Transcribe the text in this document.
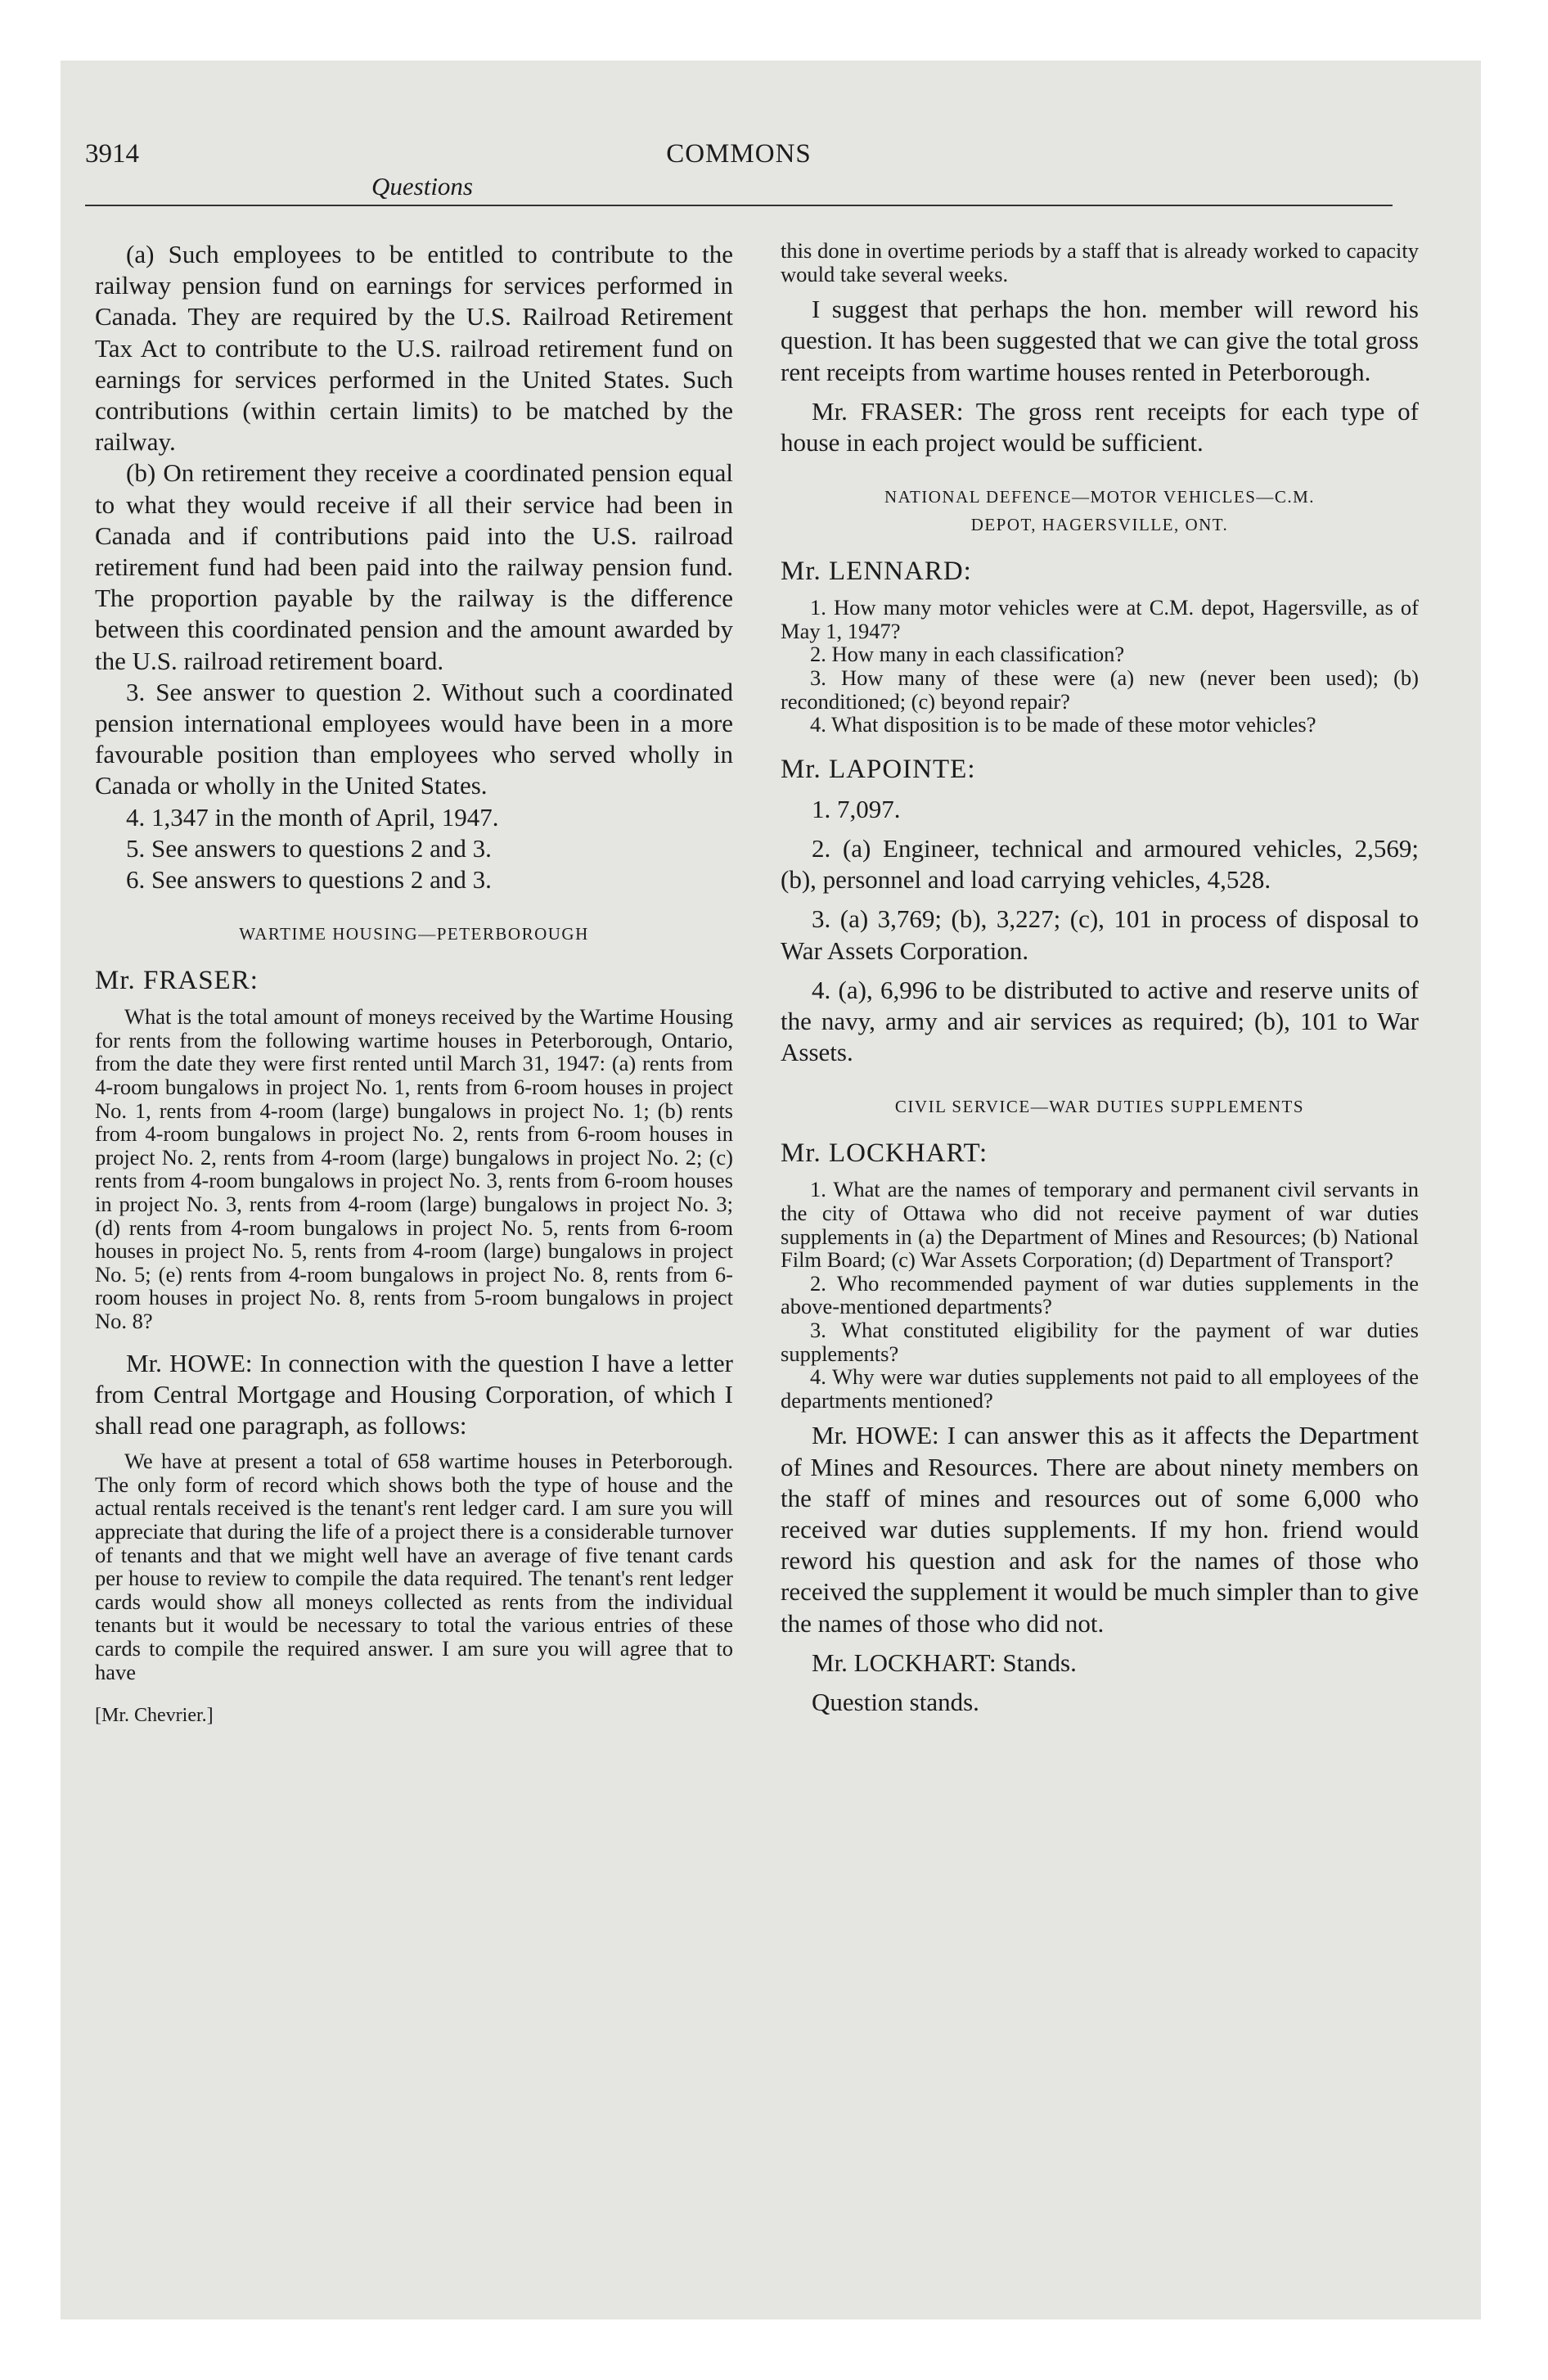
3914	COMMONS
Questions

(a) Such employees to be entitled to contribute to the railway pension fund on earnings for services performed in Canada. They are required by the U.S. Railroad Retirement Tax Act to contribute to the U.S. railroad retirement fund on earnings for services performed in the United States. Such contributions (within certain limits) to be matched by the railway.

(b) On retirement they receive a coordinated pension equal to what they would receive if all their service had been in Canada and if contributions paid into the U.S. railroad retirement fund had been paid into the railway pension fund. The proportion payable by the railway is the difference between this coordinated pension and the amount awarded by the U.S. railroad retirement board.

3. See answer to question 2. Without such a coordinated pension international employees would have been in a more favourable position than employees who served wholly in Canada or wholly in the United States.

4. 1,347 in the month of April, 1947.

5. See answers to questions 2 and 3.

6. See answers to questions 2 and 3.

WARTIME HOUSING—PETERBOROUGH
Mr. FRASER:

What is the total amount of moneys received by the Wartime Housing for rents from the following wartime houses in Peterborough, Ontario, from the date they were first rented until March 31, 1947: (a) rents from 4-room bungalows in project No. 1, rents from 6-room houses in project No. 1, rents from 4-room (large) bungalows in project No. 1; (b) rents from 4-room bungalows in project No. 2, rents from 6-room houses in project No. 2, rents from 4-room (large) bungalows in project No. 2; (c) rents from 4-room bungalows in project No. 3, rents from 6-room houses in project No. 3, rents from 4-room (large) bungalows in project No. 3; (d) rents from 4-room bungalows in project No. 5, rents from 6-room houses in project No. 5, rents from 4-room (large) bungalows in project No. 5; (e) rents from 4-room bungalows in project No. 8, rents from 6-room houses in project No. 8, rents from 5-room bungalows in project No. 8?

Mr. HOWE: In connection with the question I have a letter from Central Mortgage and Housing Corporation, of which I shall read one paragraph, as follows:

We have at present a total of 658 wartime houses in Peterborough. The only form of record which shows both the type of house and the actual rentals received is the tenant's rent ledger card. I am sure you will appreciate that during the life of a project there is a considerable turnover of tenants and that we might well have an average of five tenant cards per house to review to compile the data required. The tenant's rent ledger cards would show all moneys collected as rents from the individual tenants but it would be necessary to total the various entries of these cards to compile the required answer. I am sure you will agree that to have

[Mr. Chevrier.]

this done in overtime periods by a staff that is already worked to capacity would take several weeks.

I suggest that perhaps the hon. member will reword his question. It has been suggested that we can give the total gross rent receipts from wartime houses rented in Peterborough.

Mr. FRASER: The gross rent receipts for each type of house in each project would be sufficient.

NATIONAL DEFENCE—MOTOR VEHICLES—C.M.
DEPOT, HAGERSVILLE, ONT.
Mr. LENNARD:

1. How many motor vehicles were at C.M. depot, Hagersville, as of May 1, 1947?

2. How many in each classification?

3. How many of these were (a) new (never been used); (b) reconditioned; (c) beyond repair?

4. What disposition is to be made of these motor vehicles?

Mr. LAPOINTE:

1. 7,097.

2. (a) Engineer, technical and armoured vehicles, 2,569; (b), personnel and load carrying vehicles, 4,528.

3. (a) 3,769; (b), 3,227; (c), 101 in process of disposal to War Assets Corporation.

4. (a), 6,996 to be distributed to active and reserve units of the navy, army and air services as required; (b), 101 to War Assets.

CIVIL SERVICE—WAR DUTIES SUPPLEMENTS
Mr. LOCKHART:

1. What are the names of temporary and permanent civil servants in the city of Ottawa who did not receive payment of war duties supplements in (a) the Department of Mines and Resources; (b) National Film Board; (c) War Assets Corporation; (d) Department of Transport?

2. Who recommended payment of war duties supplements in the above-mentioned departments?

3. What constituted eligibility for the payment of war duties supplements?

4. Why were war duties supplements not paid to all employees of the departments mentioned?

Mr. HOWE: I can answer this as it affects the Department of Mines and Resources. There are about ninety members on the staff of mines and resources out of some 6,000 who received war duties supplements. If my hon. friend would reword his question and ask for the names of those who received the supplement it would be much simpler than to give the names of those who did not.

Mr. LOCKHART: Stands.

Question stands.
